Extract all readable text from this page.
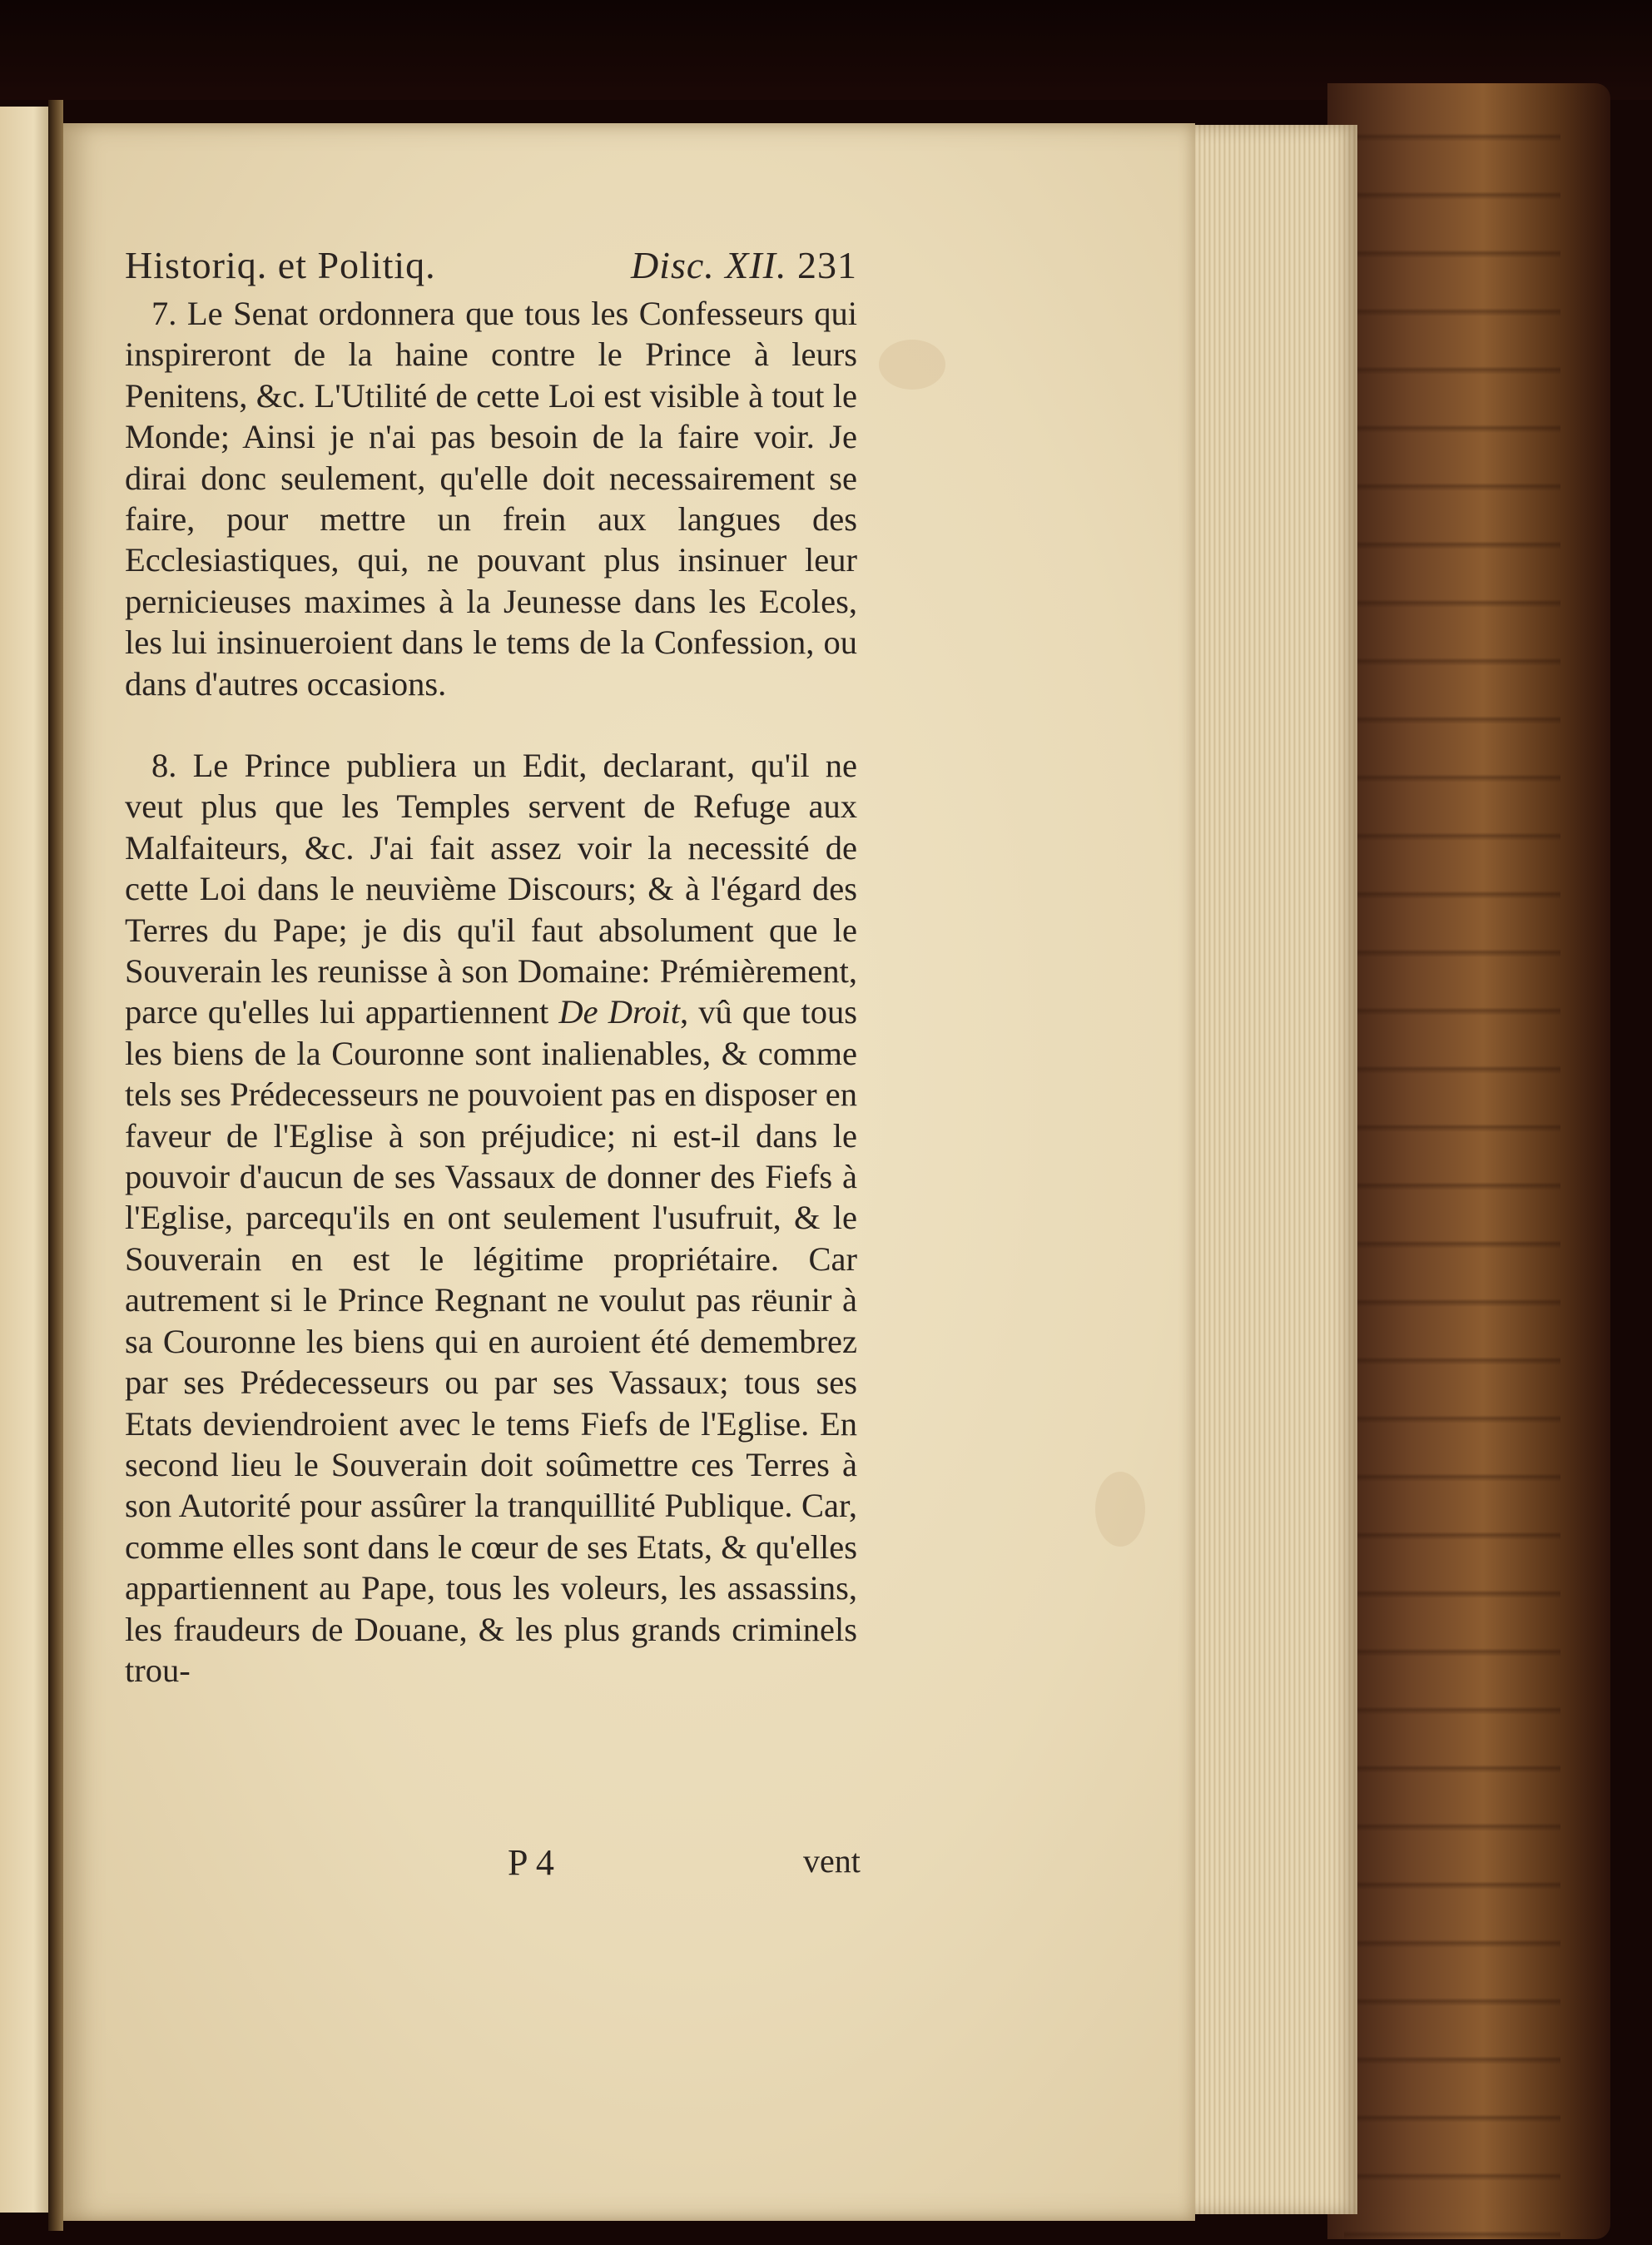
Historiq. et Politiq.	Disc. XII. 231

7. Le Senat ordonnera que tous les Confesseurs qui inspireront de la haine contre le Prince à leurs Penitens, &c. L'Utilité de cette Loi est visible à tout le Monde; Ainsi je n'ai pas besoin de la faire voir. Je dirai donc seulement, qu'elle doit necessairement se faire, pour mettre un frein aux langues des Ecclesiastiques, qui, ne pouvant plus insinuer leur pernicieuses maximes à la Jeunesse dans les Ecoles, les lui insinueroient dans le tems de la Confession, ou dans d'autres occasions.

8. Le Prince publiera un Edit, declarant, qu'il ne veut plus que les Temples servent de Refuge aux Malfaiteurs, &c. J'ai fait assez voir la necessité de cette Loi dans le neuvième Discours; & à l'égard des Terres du Pape; je dis qu'il faut absolument que le Souverain les reunisse à son Domaine: Prémièrement, parce qu'elles lui appartiennent De Droit, vû que tous les biens de la Couronne sont inalienables, & comme tels ses Prédecesseurs ne pouvoient pas en disposer en faveur de l'Eglise à son préjudice; ni est-il dans le pouvoir d'aucun de ses Vassaux de donner des Fiefs à l'Eglise, parcequ'ils en ont seulement l'usufruit, & le Souverain en est le légitime propriétaire. Car autrement si le Prince Regnant ne voulut pas rëunir à sa Couronne les biens qui en auroient été demembrez par ses Prédecesseurs ou par ses Vassaux; tous ses Etats deviendroient avec le tems Fiefs de l'Eglise. En second lieu le Souverain doit soûmettre ces Terres à son Autorité pour assûrer la tranquillité Publique. Car, comme elles sont dans le cœur de ses Etats, & qu'elles appartiennent au Pape, tous les voleurs, les assassins, les fraudeurs de Douane, & les plus grands criminels trou-

P 4	vent
